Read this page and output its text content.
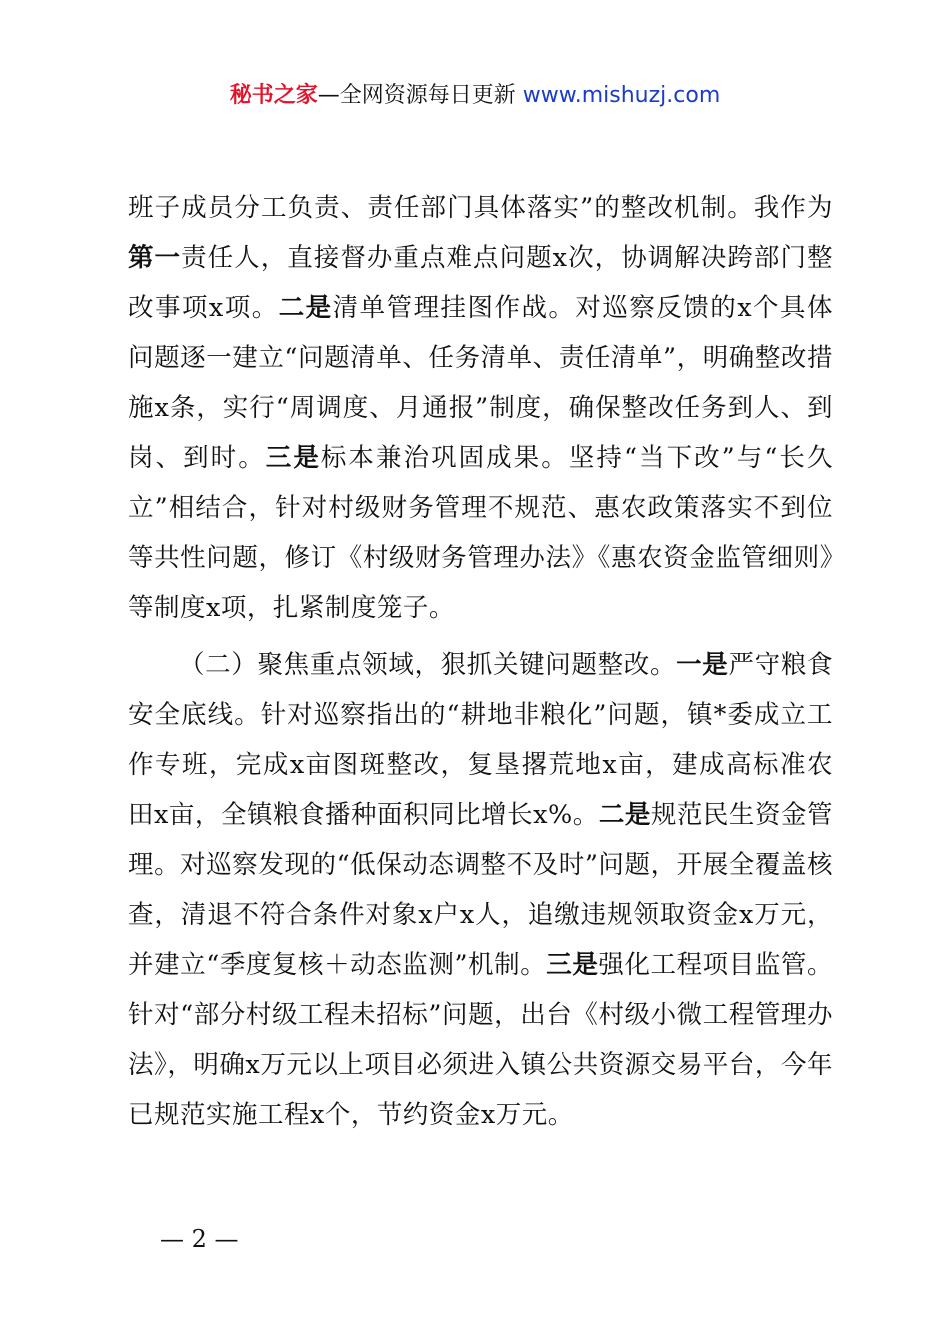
秘书之家—全网资源每日更新 www.mishuzj.com

班子成员分工负责、责任部门具体落实”的整改机制。我作为第一责任人，直接督办重点难点问题x次，协调解决跨部门整改事项x项。二是清单管理挂图作战。对巡察反馈的x个具体问题逐一建立“问题清单、任务清单、责任清单”，明确整改措施x条，实行“周调度、月通报”制度，确保整改任务到人、到岗、到时。三是标本兼治巩固成果。坚持“当下改”与“长久立”相结合，针对村级财务管理不规范、惠农政策落实不到位等共性问题，修订《村级财务管理办法》《惠农资金监管细则》等制度x项，扎紧制度笼子。

（二）聚焦重点领域，狠抓关键问题整改。一是严守粮食安全底线。针对巡察指出的“耕地非粮化”问题，镇*委成立工作专班，完成x亩图斑整改，复垦撂荒地x亩，建成高标准农田x亩，全镇粮食播种面积同比增长x%。二是规范民生资金管理。对巡察发现的“低保动态调整不及时”问题，开展全覆盖核查，清退不符合条件对象x户x人，追缴违规领取资金x万元，并建立“季度复核＋动态监测”机制。三是强化工程项目监管。针对“部分村级工程未招标”问题，出台《村级小微工程管理办法》，明确x万元以上项目必须进入镇公共资源交易平台，今年已规范实施工程x个，节约资金x万元。

— 2 —
